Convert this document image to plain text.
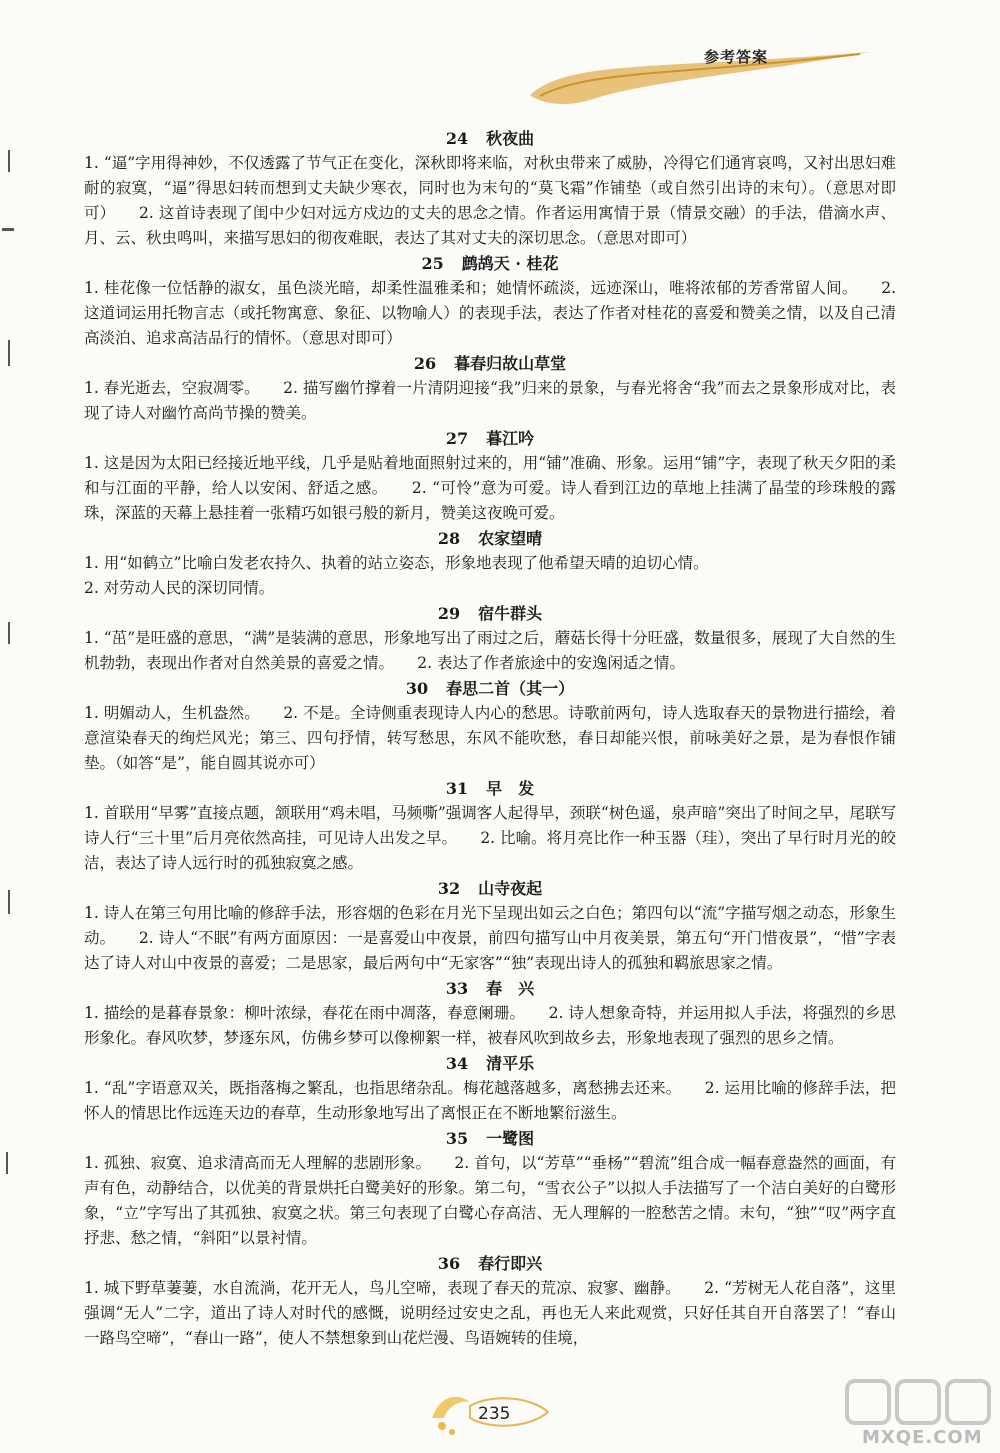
参考答案
24 秋夜曲

1. “逼”字用得神妙，不仅透露了节气正在变化，深秋即将来临，对秋虫带来了威胁，冷得它们通宵哀鸣，又衬出思妇难耐的寂寞，“逼”得思妇转而想到丈夫缺少寒衣，同时也为末句的“莫飞霜”作铺垫（或自然引出诗的末句）。（意思对即可）　　2. 这首诗表现了闺中少妇对远方戍边的丈夫的思念之情。作者运用寓情于景（情景交融）的手法，借滴水声、月、云、秋虫鸣叫，来描写思妇的彻夜难眠，表达了其对丈夫的深切思念。（意思对即可）

25 鹧鸪天 · 桂花

1. 桂花像一位恬静的淑女，虽色淡光暗，却柔性温雅柔和；她情怀疏淡，远迹深山，唯将浓郁的芳香常留人间。　　2. 这道词运用托物言志（或托物寓意、象征、以物喻人）的表现手法，表达了作者对桂花的喜爱和赞美之情，以及自己清高淡泊、追求高洁品行的情怀。（意思对即可）

26 暮春归故山草堂

1. 春光逝去，空寂凋零。　　2. 描写幽竹撑着一片清阴迎接“我”归来的景象，与春光将舍“我”而去之景象形成对比，表现了诗人对幽竹高尚节操的赞美。

27 暮江吟

1. 这是因为太阳已经接近地平线，几乎是贴着地面照射过来的，用“铺”准确、形象。运用“铺”字，表现了秋天夕阳的柔和与江面的平静，给人以安闲、舒适之感。　　2. “可怜”意为可爱。诗人看到江边的草地上挂满了晶莹的珍珠般的露珠，深蓝的天幕上悬挂着一张精巧如银弓般的新月，赞美这夜晚可爱。

28 农家望晴

1. 用“如鹤立”比喻白发老农持久、执着的站立姿态，形象地表现了他希望天晴的迫切心情。

2. 对劳动人民的深切同情。

29 宿牛群头

1. “茁”是旺盛的意思，“满”是装满的意思，形象地写出了雨过之后，蘑菇长得十分旺盛，数量很多，展现了大自然的生机勃勃，表现出作者对自然美景的喜爱之情。　　2. 表达了作者旅途中的安逸闲适之情。

30 春思二首（其一）

1. 明媚动人，生机盎然。　　2. 不是。全诗侧重表现诗人内心的愁思。诗歌前两句，诗人选取春天的景物进行描绘，着意渲染春天的绚烂风光；第三、四句抒情，转写愁思，东风不能吹愁，春日却能兴恨，前咏美好之景，是为春恨作铺垫。（如答“是”，能自圆其说亦可）

31 早　发

1. 首联用“早雾”直接点题，颔联用“鸡未唱，马频嘶”强调客人起得早，颈联“树色遥，泉声暗”突出了时间之早，尾联写诗人行“三十里”后月亮依然高挂，可见诗人出发之早。　　2. 比喻。将月亮比作一种玉器（珪），突出了早行时月光的皎洁，表达了诗人远行时的孤独寂寞之感。

32 山寺夜起

1. 诗人在第三句用比喻的修辞手法，形容烟的色彩在月光下呈现出如云之白色；第四句以“流”字描写烟之动态，形象生动。　　2. 诗人“不眠”有两方面原因：一是喜爱山中夜景，前四句描写山中月夜美景，第五句“开门惜夜景”，“惜”字表达了诗人对山中夜景的喜爱；二是思家，最后两句中“无家客”“独”表现出诗人的孤独和羁旅思家之情。

33 春　兴

1. 描绘的是暮春景象：柳叶浓绿，春花在雨中凋落，春意阑珊。　　2. 诗人想象奇特，并运用拟人手法，将强烈的乡思形象化。春风吹梦，梦逐东风，仿佛乡梦可以像柳絮一样，被春风吹到故乡去，形象地表现了强烈的思乡之情。

34 清平乐

1. “乱”字语意双关，既指落梅之繁乱，也指思绪杂乱。梅花越落越多，离愁拂去还来。　　2. 运用比喻的修辞手法，把怀人的情思比作远连天边的春草，生动形象地写出了离恨正在不断地繁衍滋生。

35 一鹭图

1. 孤独、寂寞、追求清高而无人理解的悲剧形象。　　2. 首句，以“芳草”“垂杨”“碧流”组合成一幅春意盎然的画面，有声有色，动静结合，以优美的背景烘托白鹭美好的形象。第二句，“雪衣公子”以拟人手法描写了一个洁白美好的白鹭形象，“立”字写出了其孤独、寂寞之状。第三句表现了白鹭心存高洁、无人理解的一腔愁苦之情。末句，“独”“叹”两字直抒悲、愁之情，“斜阳”以景衬情。

36 春行即兴

1. 城下野草萋萋，水自流淌，花开无人，鸟儿空啼，表现了春天的荒凉、寂寥、幽静。　　2. “芳树无人花自落”，这里强调“无人”二字，道出了诗人对时代的感慨，说明经过安史之乱，再也无人来此观赏，只好任其自开自落罢了！“春山一路鸟空啼”，“春山一路”，使人不禁想象到山花烂漫、鸟语婉转的佳境，

235
MXQE.COM
